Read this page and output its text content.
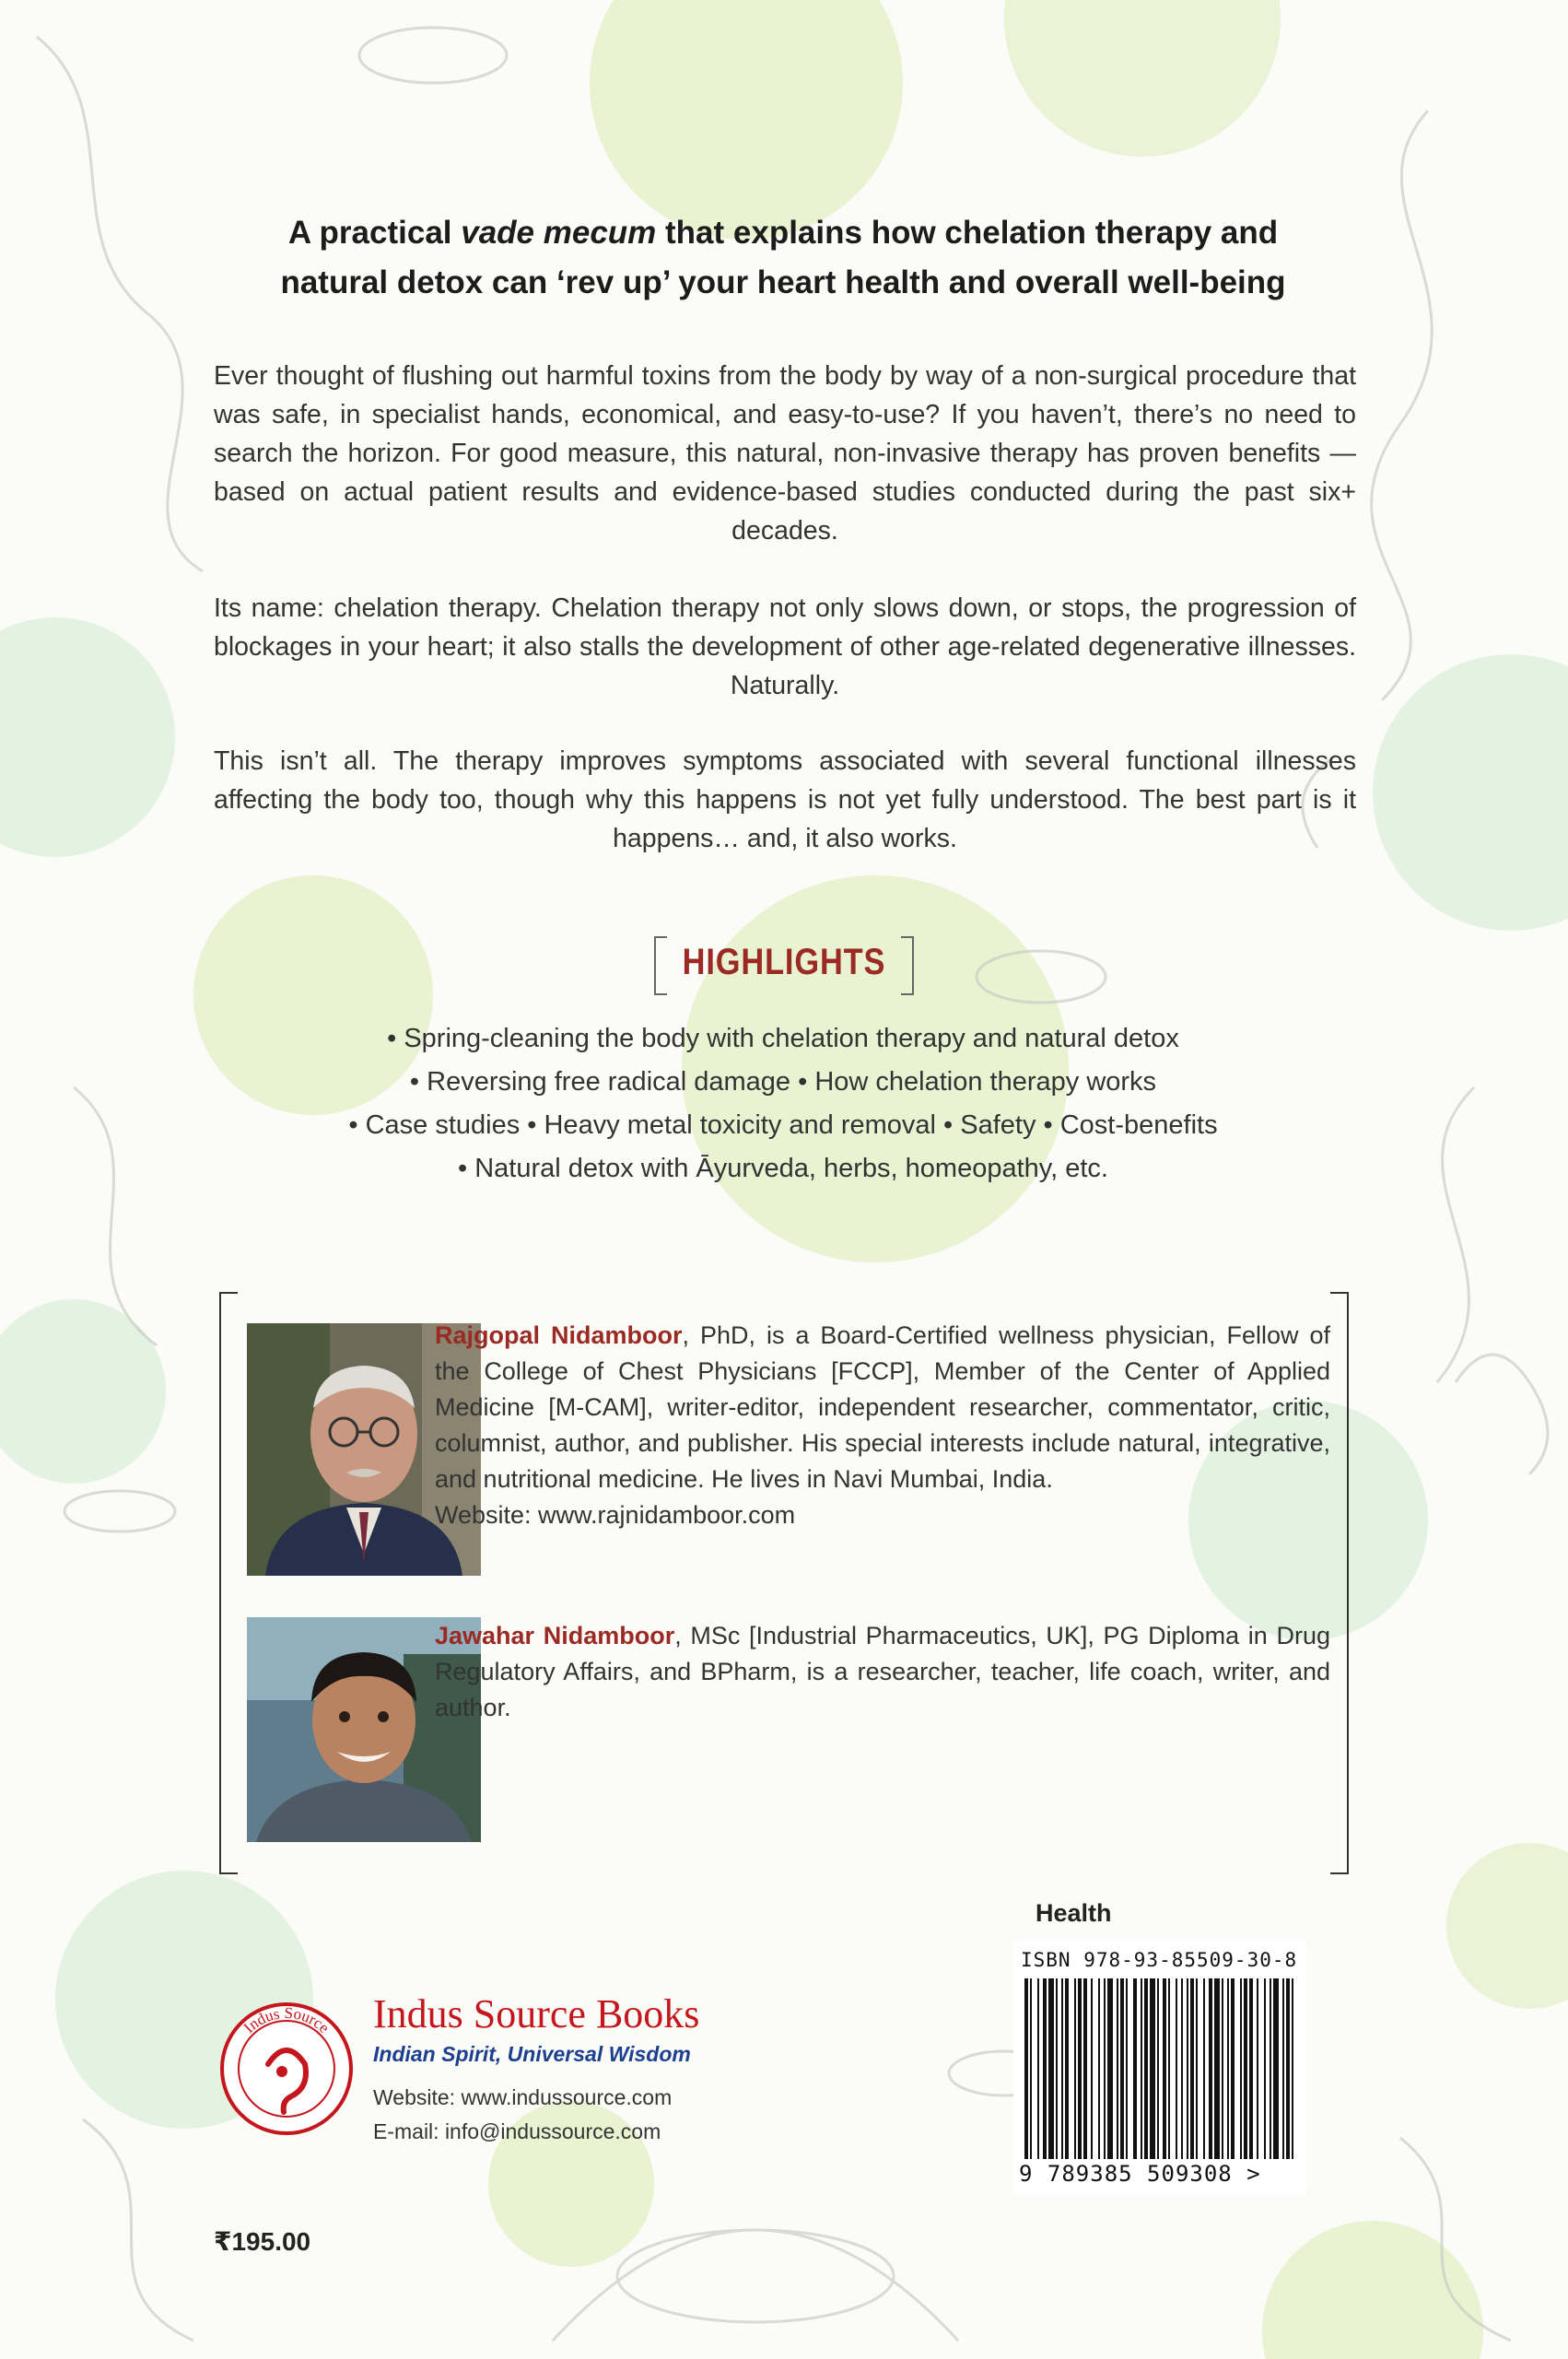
A practical vade mecum that explains how chelation therapy and
natural detox can ‘rev up’ your heart health and overall well-being

Ever thought of flushing out harmful toxins from the body by way of a non-surgical procedure that was safe, in specialist hands, economical, and easy-to-use? If you haven’t, there’s no need to search the horizon. For good measure, this natural, non-invasive therapy has proven benefits — based on actual patient results and evidence-based studies conducted during the past six+ decades.

Its name: chelation therapy. Chelation therapy not only slows down, or stops, the progression of blockages in your heart; it also stalls the development of other age-related degenerative illnesses. Naturally.

This isn’t all. The therapy improves symptoms associated with several functional illnesses affecting the body too, though why this happens is not yet fully understood. The best part is it happens… and, it also works.

HIGHLIGHTS
• Spring-cleaning the body with chelation therapy and natural detox
• Reversing free radical damage • How chelation therapy works
• Case studies • Heavy metal toxicity and removal • Safety • Cost-benefits
• Natural detox with Āyurveda, herbs, homeopathy, etc.
Rajgopal Nidamboor, PhD, is a Board-Certified wellness physician, Fellow of the College of Chest Physicians [FCCP], Member of the Center of Applied Medicine [M-CAM], writer-editor, independent researcher, commentator, critic, columnist, author, and publisher. His special interests include natural, integrative, and nutritional medicine. He lives in Navi Mumbai, India.
Website: www.rajnidamboor.com
Jawahar Nidamboor, MSc [Industrial Pharmaceutics, UK], PG Diploma in Drug Regulatory Affairs, and BPharm, is a researcher, teacher, life coach, writer, and author.
Health
ISBN 978-93-85509-30-8
9 789385 509308 >
Indus Source Indus Source Books
Indian Spirit, Universal Wisdom
Website: www.indussource.com
E-mail: info@indussource.com
₹195.00
